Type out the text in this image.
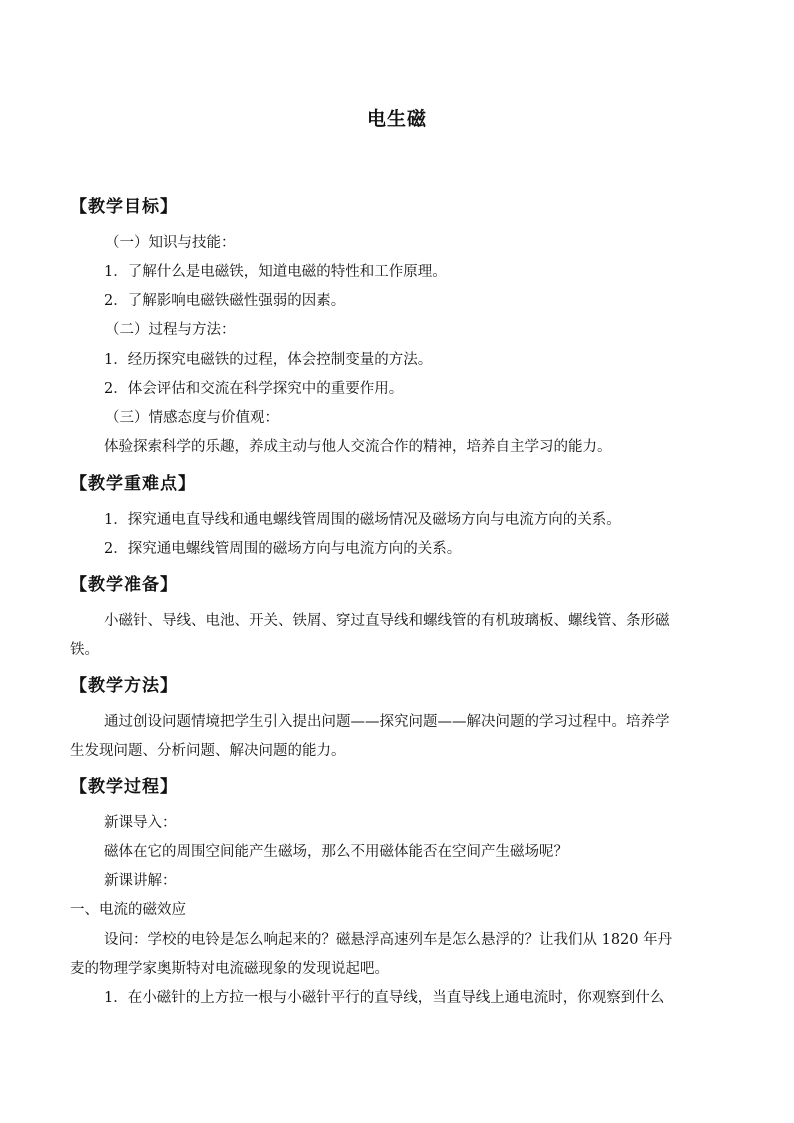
电生磁
【教学目标】
（一）知识与技能：
1．了解什么是电磁铁，知道电磁的特性和工作原理。
2．了解影响电磁铁磁性强弱的因素。
（二）过程与方法：
1．经历探究电磁铁的过程，体会控制变量的方法。
2．体会评估和交流在科学探究中的重要作用。
（三）情感态度与价值观：
体验探索科学的乐趣，养成主动与他人交流合作的精神，培养自主学习的能力。
【教学重难点】
1．探究通电直导线和通电螺线管周围的磁场情况及磁场方向与电流方向的关系。
2．探究通电螺线管周围的磁场方向与电流方向的关系。
【教学准备】
小磁针、导线、电池、开关、铁屑、穿过直导线和螺线管的有机玻璃板、螺线管、条形磁
铁。
【教学方法】
通过创设问题情境把学生引入提出问题——探究问题——解决问题的学习过程中。培养学
生发现问题、分析问题、解决问题的能力。
【教学过程】
新课导入：
磁体在它的周围空间能产生磁场，那么不用磁体能否在空间产生磁场呢？
新课讲解：
一、电流的磁效应
设问：学校的电铃是怎么响起来的？磁悬浮高速列车是怎么悬浮的？让我们从 1820 年丹
麦的物理学家奥斯特对电流磁现象的发现说起吧。
1．在小磁针的上方拉一根与小磁针平行的直导线，当直导线上通电流时，你观察到什么
